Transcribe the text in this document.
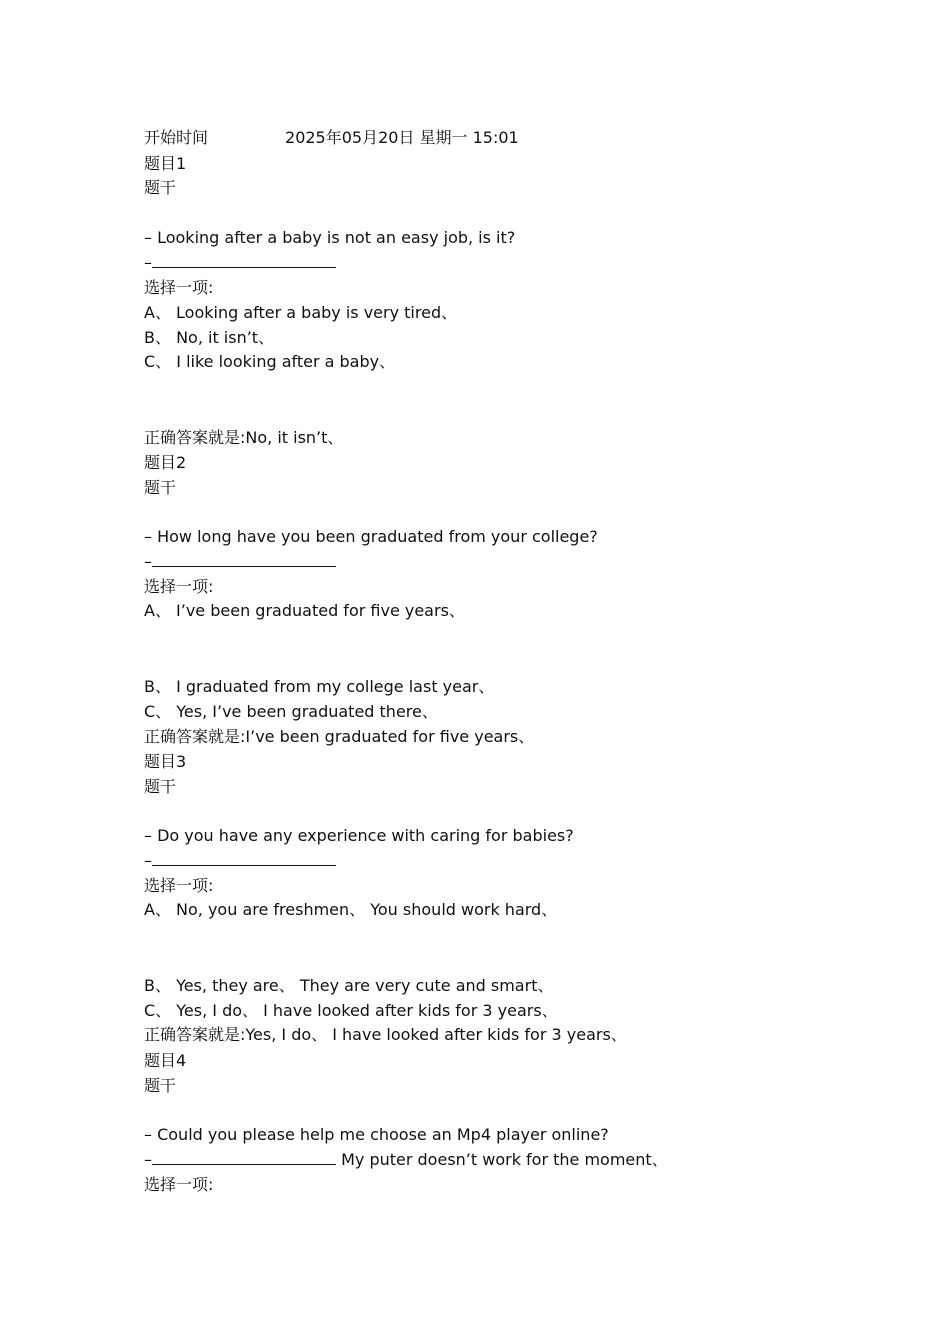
开始时间	2025年05月20日 星期一 15:01
题目1
题干
– Looking after a baby is not an easy job, is it?
–
选择一项:
A、 Looking after a baby is very tired、
B、 No, it isn’t、
C、 I like looking after a baby、
正确答案就是:No, it isn’t、
题目2
题干
– How long have you been graduated from your college?
–
选择一项:
A、 I’ve been graduated for five years、
B、 I graduated from my college last year、
C、 Yes, I’ve been graduated there、
正确答案就是:I’ve been graduated for five years、
题目3
题干
– Do you have any experience with caring for babies?
–
选择一项:
A、 No, you are freshmen、 You should work hard、
B、 Yes, they are、 They are very cute and smart、
C、 Yes, I do、 I have looked after kids for 3 years、
正确答案就是:Yes, I do、 I have looked after kids for 3 years、
题目4
题干
– Could you please help me choose an Mp4 player online?
–	My puter doesn’t work for the moment、
选择一项:
